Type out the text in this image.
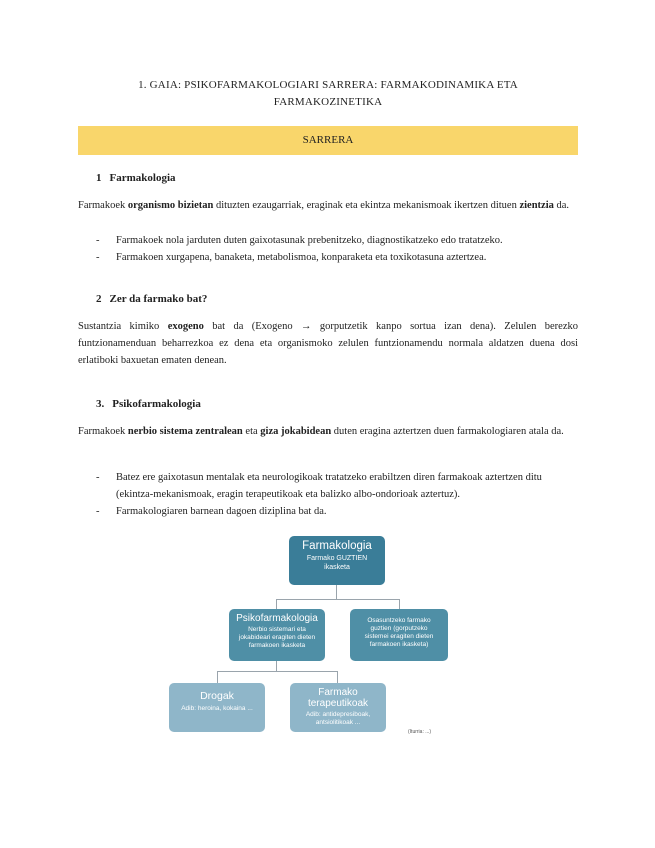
1. GAIA: PSIKOFARMAKOLOGIARI SARRERA: FARMAKODINAMIKA ETA
FARMAKOZINETIKA
SARRERA
1 Farmakologia
Farmakoek organismo bizietan dituzten ezaugarriak, eraginak eta ekintza mekanismoak ikertzen dituen zientzia da.
- Farmakoek nola jarduten duten gaixotasunak prebenitzeko, diagnostikatzeko edo tratatzeko.
- Farmakoen xurgapena, banaketa, metabolismoa, konparaketa eta toxikotasuna aztertzea.
2 Zer da farmako bat?
Sustantzia kimiko exogeno bat da (Exogeno → gorputzetik kanpo sortua izan dena). Zelulen berezko funtzionamenduan beharrezkoa ez dena eta organismoko zelulen funtzionamendu normala aldatzen duena dosi erlatiboki baxuetan ematen denean.
3. Psikofarmakologia
Farmakoek nerbio sistema zentralean eta giza jokabidean duten eragina aztertzen duen farmakologiaren atala da.
- Batez ere gaixotasun mentalak eta neurologikoak tratatzeko erabiltzen diren farmakoak aztertzen ditu (ekintza-mekanismoak, eragin terapeutikoak eta balizko albo-ondorioak aztertuz).
- Farmakologiaren barnean dagoen diziplina bat da.
Farmakologia
Farmako GUZTIEN ikasketa
Psikofarmakologia
Nerbio sistemari eta jokabideari eragiten dieten farmakoen ikasketa
Osasuntzeko farmako guztien (gorputzeko sistemei eragiten dieten farmakoen ikasketa)
Drogak
Adib: heroina, kokaina ...
Farmako terapeutikoak
Adib: antidepresiboak, antsiolitikoak ...
(Iturria: ...)
